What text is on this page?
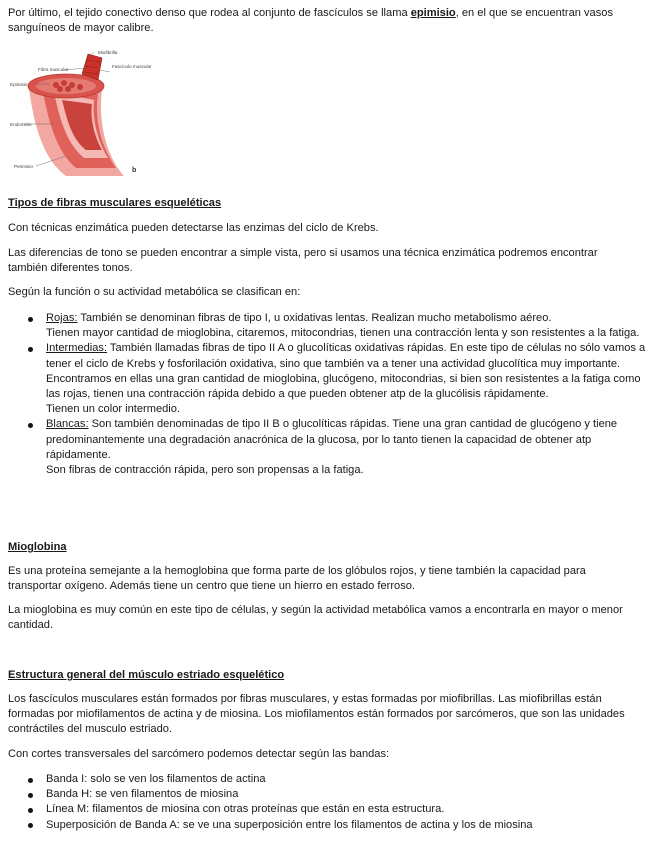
Por último, el tejido conectivo denso que rodea al conjunto de fascículos se llama epimisio, en el que se encuentran vasos sanguíneos de mayor calibre.

Miofibrilla
Fibra muscular
Fascículo muscular
Epimisio
Endomisio
Perimisio
b

Tipos de fibras musculares esqueléticas

Con técnicas enzimática pueden detectarse las enzimas del ciclo de Krebs.

Las diferencias de tono se pueden encontrar a simple vista, pero si usamos una técnica enzimática podremos encontrar también diferentes tonos.

Según la función o su actividad metabólica se clasifican en:

Rojas: También se denominan fibras de tipo I, u oxidativas lentas. Realizan mucho metabolismo aéreo.
Tienen mayor cantidad de mioglobina, citaremos, mitocondrias, tienen una contracción lenta y son resistentes a la fatiga.
Intermedias: También llamadas fibras de tipo II A o glucolíticas oxidativas rápidas. En este tipo de células no sólo vamos a tener el ciclo de Krebs y fosforilación oxidativa, sino que también va a tener una actividad glucolítica muy importante. Encontramos en ellas una gran cantidad de mioglobina, glucógeno, mitocondrias, si bien son resistentes a la fatiga como las rojas, tienen una contracción rápida debido a que pueden obtener atp de la glucólisis rápidamente.
Tienen un color intermedio.
Blancas: Son también denominadas de tipo II B o glucolíticas rápidas. Tiene una gran cantidad de glucógeno y tiene predominantemente una degradación anacrónica de la glucosa, por lo tanto tienen la capacidad de obtener atp rápidamente.
Son fibras de contracción rápida, pero son propensas a la fatiga.

Mioglobina

Es una proteína semejante a la hemoglobina que forma parte de los glóbulos rojos, y tiene también la capacidad para transportar oxígeno. Además tiene un centro que tiene un hierro en estado ferroso.

La mioglobina es muy común en este tipo de células, y según la actividad metabólica vamos a encontrarla en mayor o menor cantidad.

Estructura general del músculo estriado esquelético

Los fascículos musculares están formados por fibras musculares, y estas formadas por miofibrillas. Las miofibrillas están formadas por miofilamentos de actina y de miosina. Los miofilamentos están formados por sarcómeros, que son las unidades contráctiles del musculo estriado.

Con cortes transversales del sarcómero podemos detectar según las bandas:

Banda I: solo se ven los filamentos de actina
Banda H: se ven filamentos de miosina
Línea M: filamentos de miosina con otras proteínas que están en esta estructura.
Superposición de Banda A: se ve una superposición entre los filamentos de actina y los de miosina
